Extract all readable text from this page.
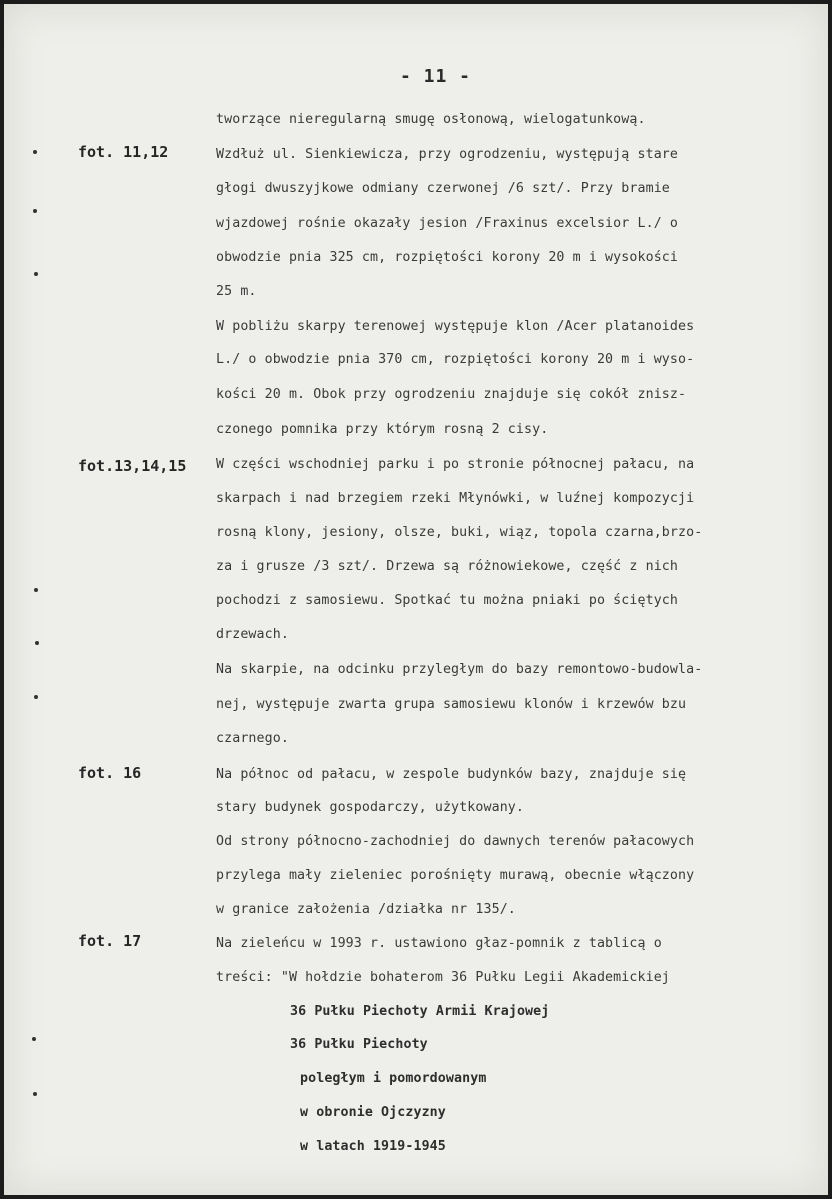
- 11 -
fot. 11,12
fot.13,14,15
fot. 16
fot. 17
tworzące nieregularną smugę osłonową, wielogatunkową.
Wzdłuż ul. Sienkiewicza, przy ogrodzeniu, występują stare
głogi dwuszyjkowe odmiany czerwonej /6 szt/. Przy bramie
wjazdowej rośnie okazały jesion /Fraxinus excelsior L./ o
obwodzie pnia 325 cm, rozpiętości korony 20 m i wysokości
25 m.
W pobliżu skarpy terenowej występuje klon /Acer platanoides
L./ o obwodzie pnia 370 cm, rozpiętości korony 20 m i wyso-
kości 20 m. Obok przy ogrodzeniu znajduje się cokół znisz-
czonego pomnika przy którym rosną 2 cisy.
W części wschodniej parku i po stronie północnej pałacu, na
skarpach i nad brzegiem rzeki Młynówki, w luźnej kompozycji
rosną klony, jesiony, olsze, buki, wiąz, topola czarna,brzo-
za i grusze /3 szt/. Drzewa są różnowiekowe, część z nich
pochodzi z samosiewu. Spotkać tu można pniaki po ściętych
drzewach.
Na skarpie, na odcinku przyległym do bazy remontowo-budowla-
nej, występuje zwarta grupa samosiewu klonów i krzewów bzu
czarnego.
Na północ od pałacu, w zespole budynków bazy, znajduje się
stary budynek gospodarczy, użytkowany.
Od strony północno-zachodniej do dawnych terenów pałacowych
przylega mały zieleniec porośnięty murawą, obecnie włączony
w granice założenia /działka nr 135/.
Na zieleńcu w 1993 r. ustawiono głaz-pomnik z tablicą o
treści: "W hołdzie bohaterom 36 Pułku Legii Akademickiej
36 Pułku Piechoty Armii Krajowej
36 Pułku Piechoty
poległym i pomordowanym
w obronie Ojczyzny
w latach 1919-1945
